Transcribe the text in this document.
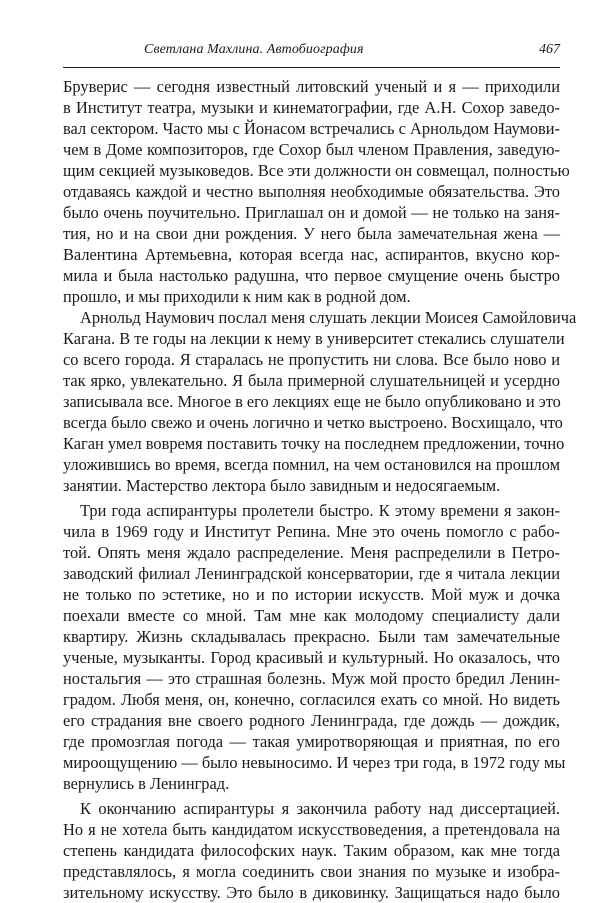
Светлана Махлина. Автобиография	467
Бруверис — сегодня известный литовский ученый и я — приходили
в Институт театра, музыки и кинематографии, где А.Н. Сохор заведо-
вал сектором. Часто мы с Йонасом встречались с Арнольдом Наумови-
чем в Доме композиторов, где Сохор был членом Правления, заведую-
щим секцией музыковедов. Все эти должности он совмещал, полностью
отдаваясь каждой и честно выполняя необходимые обязательства. Это
было очень поучительно. Приглашал он и домой — не только на заня-
тия, но и на свои дни рождения. У него была замечательная жена —
Валентина Артемьевна, которая всегда нас, аспирантов, вкусно кор-
мила и была настолько радушна, что первое смущение очень быстро
прошло, и мы приходили к ним как в родной дом.
Арнольд Наумович послал меня слушать лекции Моисея Самойловича
Кагана. В те годы на лекции к нему в университет стекались слушатели
со всего города. Я старалась не пропустить ни слова. Все было ново и
так ярко, увлекательно. Я была примерной слушательницей и усердно
записывала все. Многое в его лекциях еще не было опубликовано и это
всегда было свежо и очень логично и четко выстроено. Восхищало, что
Каган умел вовремя поставить точку на последнем предложении, точно
уложившись во время, всегда помнил, на чем остановился на прошлом
занятии. Мастерство лектора было завидным и недосягаемым.
Три года аспирантуры пролетели быстро. К этому времени я закон-
чила в 1969 году и Институт Репина. Мне это очень помогло с рабо-
той. Опять меня ждало распределение. Меня распределили в Петро-
заводский филиал Ленинградской консерватории, где я читала лекции
не только по эстетике, но и по истории искусств. Мой муж и дочка
поехали вместе со мной. Там мне как молодому специалисту дали
квартиру. Жизнь складывалась прекрасно. Были там замечательные
ученые, музыканты. Город красивый и культурный. Но оказалось, что
ностальгия — это страшная болезнь. Муж мой просто бредил Ленин-
градом. Любя меня, он, конечно, согласился ехать со мной. Но видеть
его страдания вне своего родного Ленинграда, где дождь — дождик,
где промозглая погода — такая умиротворяющая и приятная, по его
мироощущению — было невыносимо. И через три года, в 1972 году мы
вернулись в Ленинград.
К окончанию аспирантуры я закончила работу над диссертацией.
Но я не хотела быть кандидатом искусствоведения, а претендовала на
степень кандидата философских наук. Таким образом, как мне тогда
представлялось, я могла соединить свои знания по музыке и изобра-
зительному искусству. Это было в диковинку. Защищаться надо было
